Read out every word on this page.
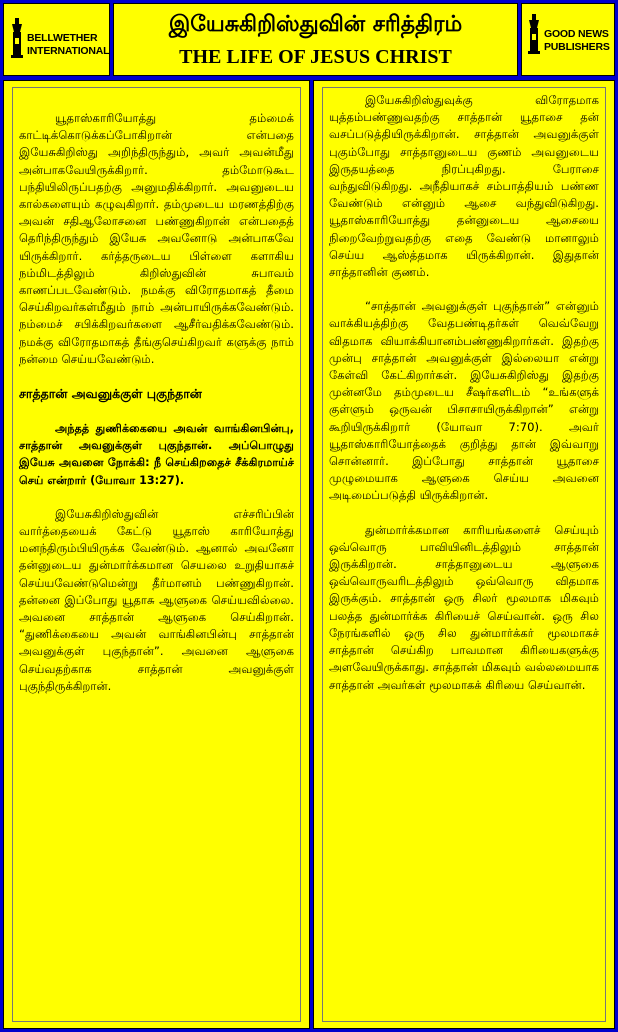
BELLWETHER
INTERNATIONAL
இயேசுகிறிஸ்துவின் சரித்திரம்
THE LIFE OF JESUS CHRIST
GOOD NEWS
PUBLISHERS

யூதாஸ்காரியோத்து தம்மைக் காட்டிக்கொடுக்கப்போகிறான் என்பதை இயேசுகிறிஸ்து அறிந்திருந்தும், அவர் அவன்மீது அன்பாகவேயிருக்கிறார். தம்மோடுகூட பந்தியிலிருப்பதற்கு அனுமதிக்கிறார். அவனுடைய கால்களையும் கழுவுகிறார். தம்முடைய மரணத்திற்கு அவன் சதிஆலோசனை பண்ணுகிறான் என்பதைத் தெரிந்திருந்தும் இயேசு அவனோடு அன்பாகவே யிருக்கிறார். கர்த்தருடைய பிள்ளை களாகிய நம்மிடத்திலும் கிறிஸ்துவின் சுபாவம் காணப்படவேண்டும். நமக்கு விரோதமாகத் தீமை செய்கிறவர்கள்மீதும் நாம் அன்பாயிருக்கவேண்டும். நம்மைச் சபிக்கிறவர்களை ஆசீர்வதிக்கவேண்டும். நமக்கு விரோதமாகத் தீங்குசெய்கிறவர் களுக்கு நாம் நன்மை செய்யவேண்டும்.

சாத்தான் அவனுக்குள் புகுந்தான்

அந்தத் துணிக்கையை அவன் வாங்கினபின்பு, சாத்தான் அவனுக்குள் புகுந்தான். அப்பொழுது இயேசு அவனை நோக்கி: நீ செய்கிறதைச் சீக்கிரமாய்ச் செய் என்றார் (யோவா 13:27).

இயேசுகிறிஸ்துவின் எச்சரிப்பின் வார்த்தையைக் கேட்டு யூதாஸ் காரியோத்து மனந்திரும்பியிருக்க வேண்டும். ஆனால் அவனோ தன்னுடைய துன்மார்க்கமான செயலை உறுதியாகச் செய்யவேண்டுமென்று தீர்மானம் பண்ணுகிறான். தன்னை இப்போது யூதாசு ஆளுகை செய்யவில்லை. அவனை சாத்தான் ஆளுகை செய்கிறான். “துணிக்கையை அவன் வாங்கினபின்பு சாத்தான் அவனுக்குள் புகுந்தான்”. அவனை ஆளுகை செய்வதற்காக சாத்தான் அவனுக்குள் புகுந்திருக்கிறான்.

இயேசுகிறிஸ்துவுக்கு விரோதமாக யுத்தம்பண்ணுவதற்கு சாத்தான் யூதாசை தன் வசப்படுத்தியிருக்கிறான். சாத்தான் அவனுக்குள் புகும்போது சாத்தானுடைய குணம் அவனுடைய இருதயத்தை நிரப்புகிறது. பேராசை வந்துவிடுகிறது. அநீதியாகச் சம்பாத்தியம் பண்ண வேண்டும் என்னும் ஆசை வந்துவிடுகிறது. யூதாஸ்காரியோத்து தன்னுடைய ஆசையை நிறைவேற்றுவதற்கு எதை வேண்டு மானாலும் செய்ய ஆஸ்த்தமாக யிருக்கிறான். இதுதான் சாத்தானின் குணம்.

“சாத்தான் அவனுக்குள் புகுந்தான்” என்னும் வாக்கியத்திற்கு வேதபண்டிதர்கள் வெவ்வேறு விதமாக வியாக்கியானம்பண்ணுகிறார்கள். இதற்கு முன்பு சாத்தான் அவனுக்குள் இல்லையா என்று கேள்வி கேட்கிறார்கள். இயேசுகிறிஸ்து இதற்கு முன்னமே தம்முடைய சீஷர்களிடம் “உங்களுக் குள்ளும் ஒருவன் பிசாசாயிருக்கிறான்” என்று கூறியிருக்கிறார் (யோவா 7:70). அவர் யூதாஸ்காரியோத்தைக் குறித்து தான் இவ்வாறு சொன்னார். இப்போது சாத்தான் யூதாசை முழுமையாக ஆளுகை செய்ய அவனை அடிமைப்படுத்தி யிருக்கிறான்.

துன்மார்க்கமான காரியங்களைச் செய்யும் ஒவ்வொரு பாவியினிடத்திலும் சாத்தான் இருக்கிறான். சாத்தானுடைய ஆளுகை ஒவ்வொருவரிடத்திலும் ஒவ்வொரு விதமாக இருக்கும். சாத்தான் ஒரு சிலர் மூலமாக மிகவும் பலத்த துன்மார்க்க கிரியைச் செய்வான். ஒரு சில நேரங்களில் ஒரு சில துன்மார்க்கர் மூலமாகச் சாத்தான் செய்கிற பாவமான கிரியைகளுக்கு அளவேயிருக்காது. சாத்தான் மிகவும் வல்லமையாக சாத்தான் அவர்கள் மூலமாகக் கிரியை செய்வான்.
